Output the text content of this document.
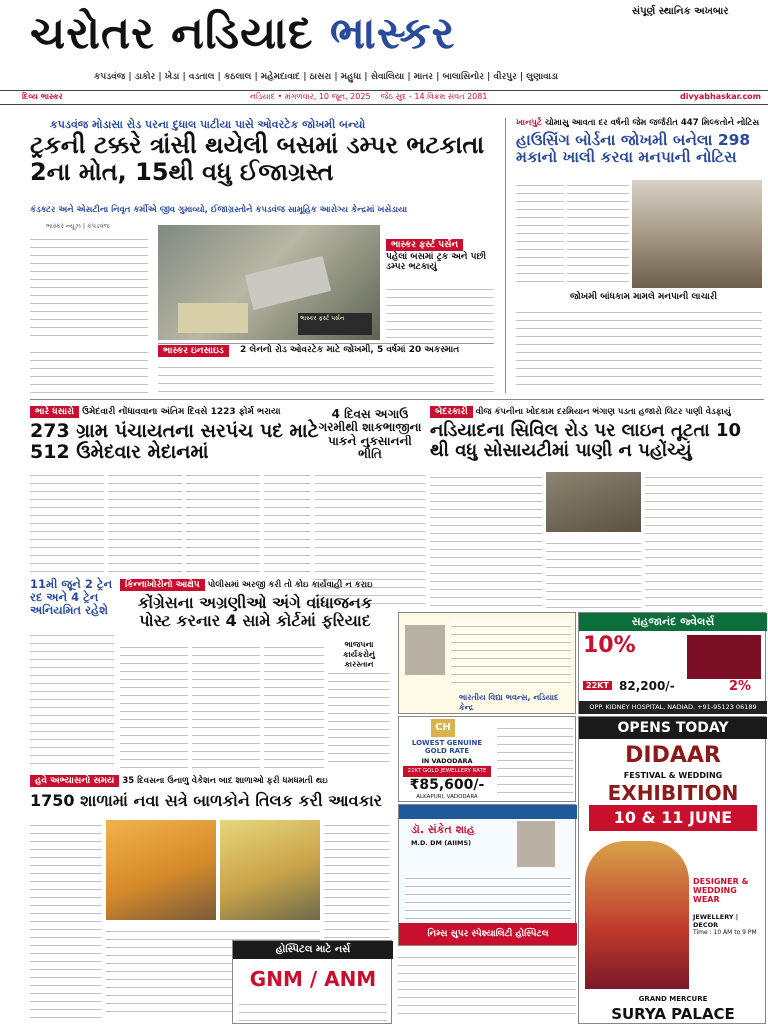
ચરોતર નડિયાદ ભાસ્કર	સંપૂર્ણ સ્થાનિક અખબાર
કપડવંજ | ડાકોર | ખેડા | વડતાલ | કઠલાલ | મહેમદાવાદ | ઠાસરા | મહુધા | સેવાલિયા | માતર | બાલાસિનોર | વીરપુર | લુણાવાડા
દિવ્ય ભાસ્કર	નડિયાદ • મંગળવાર, 10 જૂન, 2025 જેઠ સુદ - 14 વિક્રમ સંવત 2081	divyabhaskar.com
કપડવંજ મોડાસા રોડ પરના દુધાલ પાટીયા પાસે ઓવરટેક જોખમી બન્યો
ટ્રકની ટક્કરે ત્રાંસી થયેલી બસમાં ડમ્પર ભટકાતા 2ના મોત, 15થી વધુ ઈજાગ્રસ્ત
કંડક્ટર અને એસટીના નિવૃત કર્મીએ જીવ ગુમાવ્યો, ઈજાગ્રસ્તોને કપડવંજ સામૂહિક આરોગ્ય કેન્દ્રમાં ખસેડાયા
ભાસ્કર ન્યૂઝ | કપડવંજ
ભાસ્કર ફર્સ્ટ પર્સન
ભાસ્કર ફર્સ્ટ પર્સન
પહેલાં બસમાં ટ્રક અને પછી ડમ્પર ભટકાયું
ભાસ્કર ઇનસાઇડ	2 લેનનો રોડ ઓવરટેક માટે જોખમી, 5 વર્ષમાં 20 અકસ્માત
ખાનપુર્ટે ચોમાસુ આવતા દર વર્ષની જેમ જર્જરીત 447 મિલ્કતોને નોટિસ
હાઉસિંગ બોર્ડના જોખમી બનેલા 298 મકાનો ખાલી કરવા મનપાની નોટિસ
જોખમી બાંધકામ મામલે મનપાની લાચારી
ભારે ધસારો ઉમેદવારી નોંધાવવાના અંતિમ દિવસે 1223 ફોર્મ ભરાયા
273 ગ્રામ પંચાયતના સરપંચ પદ માટે 512 ઉમેદવાર મેદાનમાં
4 દિવસ અગાઉ ગરમીથી શાકભાજીના પાકને નુકસાનની ભીતિ
બેદરકારી વીજ કંપનીના ખોદકામ દરમિયાન ભંગાણ પડતા હજારો લિટર પાણી વેડફાયું
નડિયાદના સિવિલ રોડ પર લાઇન તૂટતા 10 થી વધુ સોસાયટીમાં પાણી ન પહોંચ્યું
11મી જૂને 2 ટ્રેન રદ અને 4 ટ્રેન અનિયમિત રહેશે
કિન્નાખોરીનો આક્ષેપ પોલીસમાં અરજી કરી તો કોઇ કાર્યવાહી ન કરાઇ
કોંગ્રેસના અગ્રણીઓ અંગે વાંધાજનક પોસ્ટ કરનાર 4 સામે કોર્ટમાં ફરિયાદ
ભાજપના કાર્યકરોનું કારસ્તાન
ભારતીય વિદ્યા ભવન્સ, નડિયાદ કેન્દ્ર
સહજાનંદ જ્વેલર્સ
10%
22KT 82,200/-	2%
OPP. KIDNEY HOSPITAL, NADIAD. +91-95123 06189
CH
LOWEST GENUINE GOLD RATE
IN VADODARA
22KT GOLD JEWELLERY RATE
₹85,600/-
ALKAPURI, VADODARA
OPENS TODAY
DIDAAR
FESTIVAL & WEDDING
EXHIBITION
10 & 11 JUNE
DESIGNER & WEDDING WEAR
JEWELLERY | DECOR
Time : 10 AM to 9 PM
GRAND MERCURE
SURYA PALACE
હવે અભ્યાસનો સમય 35 દિવસના ઉનાળુ વેકેશન બાદ શાળાઓ ફરી ધમધમતી થઇ
1750 શાળામાં નવા સત્રે બાળકોને તિલક કરી આવકાર
ડૉ. સંકેત શાહ
M.D. DM (AIIMS)
નિમ્સ સુપર સ્પેશ્યાલિટી હોસ્પિટલ
હોસ્પિટલ માટે નર્સ
GNM / ANM
